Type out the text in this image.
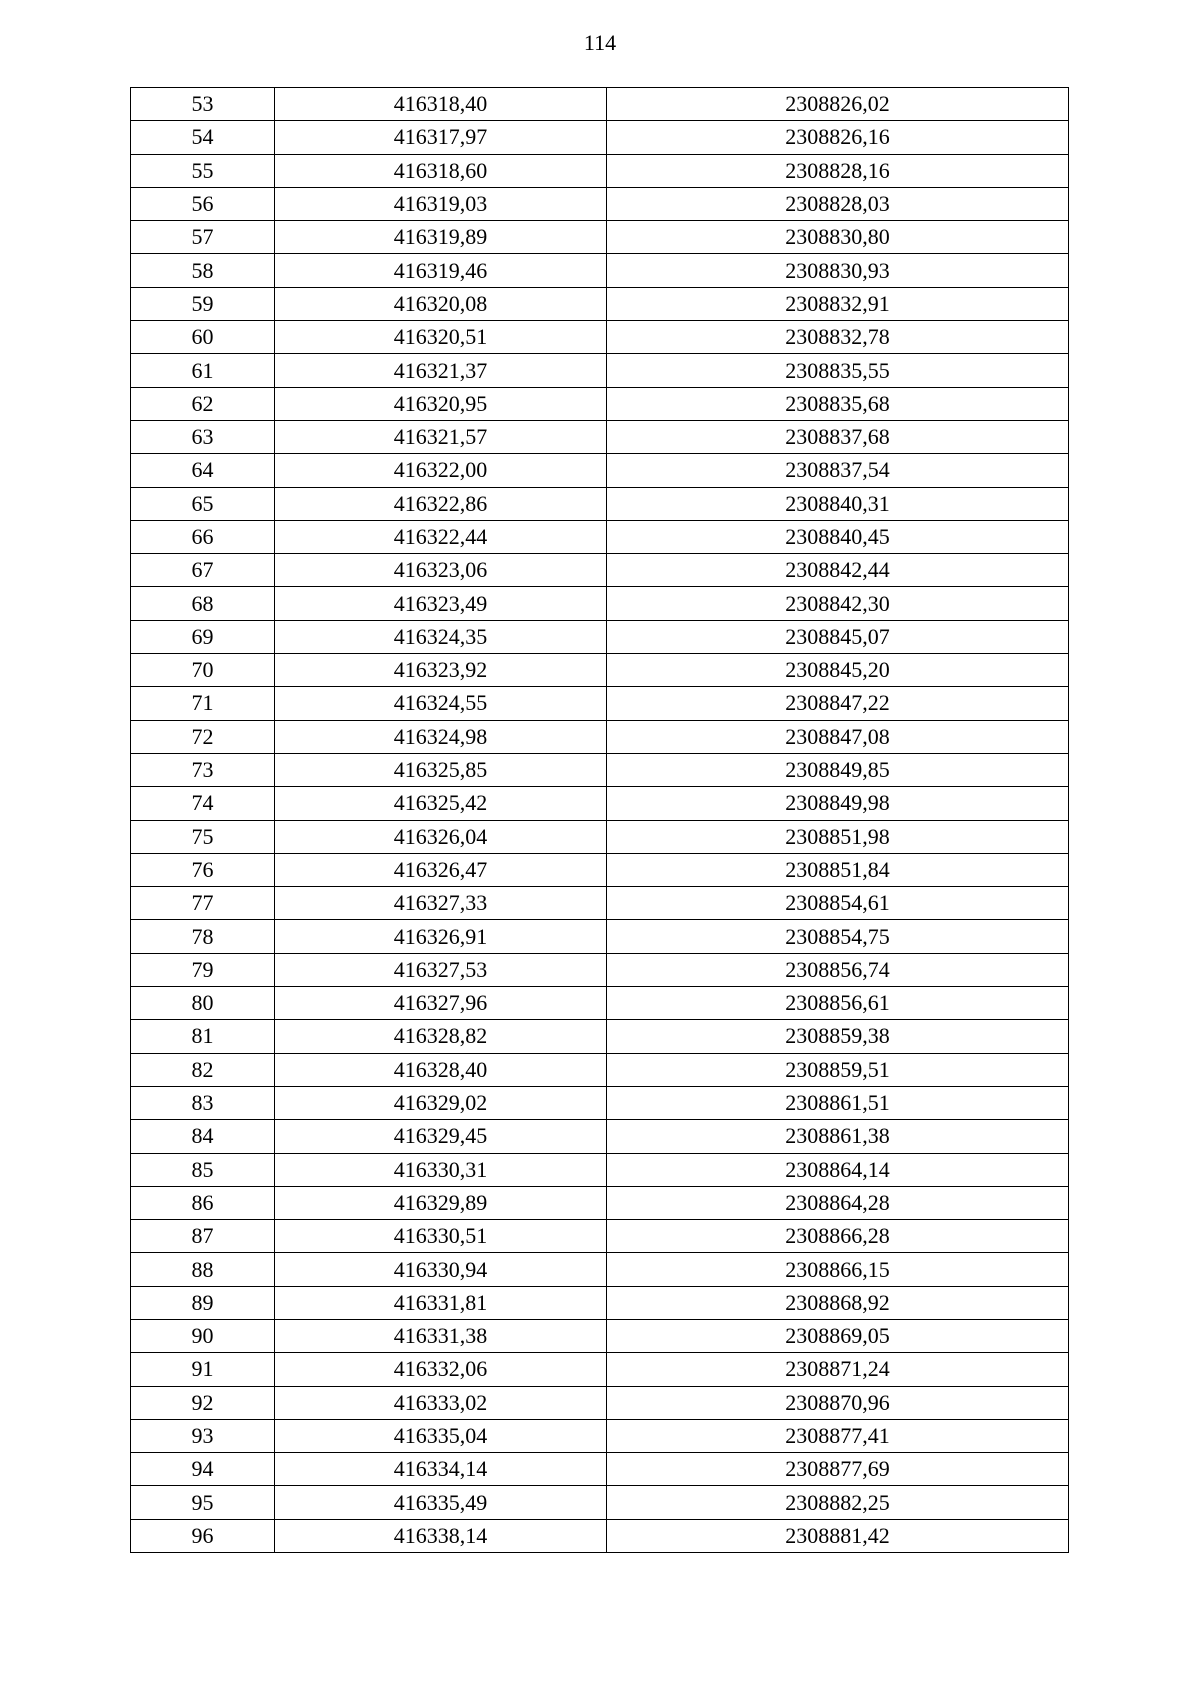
114
53	416318,40	2308826,02
54	416317,97	2308826,16
55	416318,60	2308828,16
56	416319,03	2308828,03
57	416319,89	2308830,80
58	416319,46	2308830,93
59	416320,08	2308832,91
60	416320,51	2308832,78
61	416321,37	2308835,55
62	416320,95	2308835,68
63	416321,57	2308837,68
64	416322,00	2308837,54
65	416322,86	2308840,31
66	416322,44	2308840,45
67	416323,06	2308842,44
68	416323,49	2308842,30
69	416324,35	2308845,07
70	416323,92	2308845,20
71	416324,55	2308847,22
72	416324,98	2308847,08
73	416325,85	2308849,85
74	416325,42	2308849,98
75	416326,04	2308851,98
76	416326,47	2308851,84
77	416327,33	2308854,61
78	416326,91	2308854,75
79	416327,53	2308856,74
80	416327,96	2308856,61
81	416328,82	2308859,38
82	416328,40	2308859,51
83	416329,02	2308861,51
84	416329,45	2308861,38
85	416330,31	2308864,14
86	416329,89	2308864,28
87	416330,51	2308866,28
88	416330,94	2308866,15
89	416331,81	2308868,92
90	416331,38	2308869,05
91	416332,06	2308871,24
92	416333,02	2308870,96
93	416335,04	2308877,41
94	416334,14	2308877,69
95	416335,49	2308882,25
96	416338,14	2308881,42
